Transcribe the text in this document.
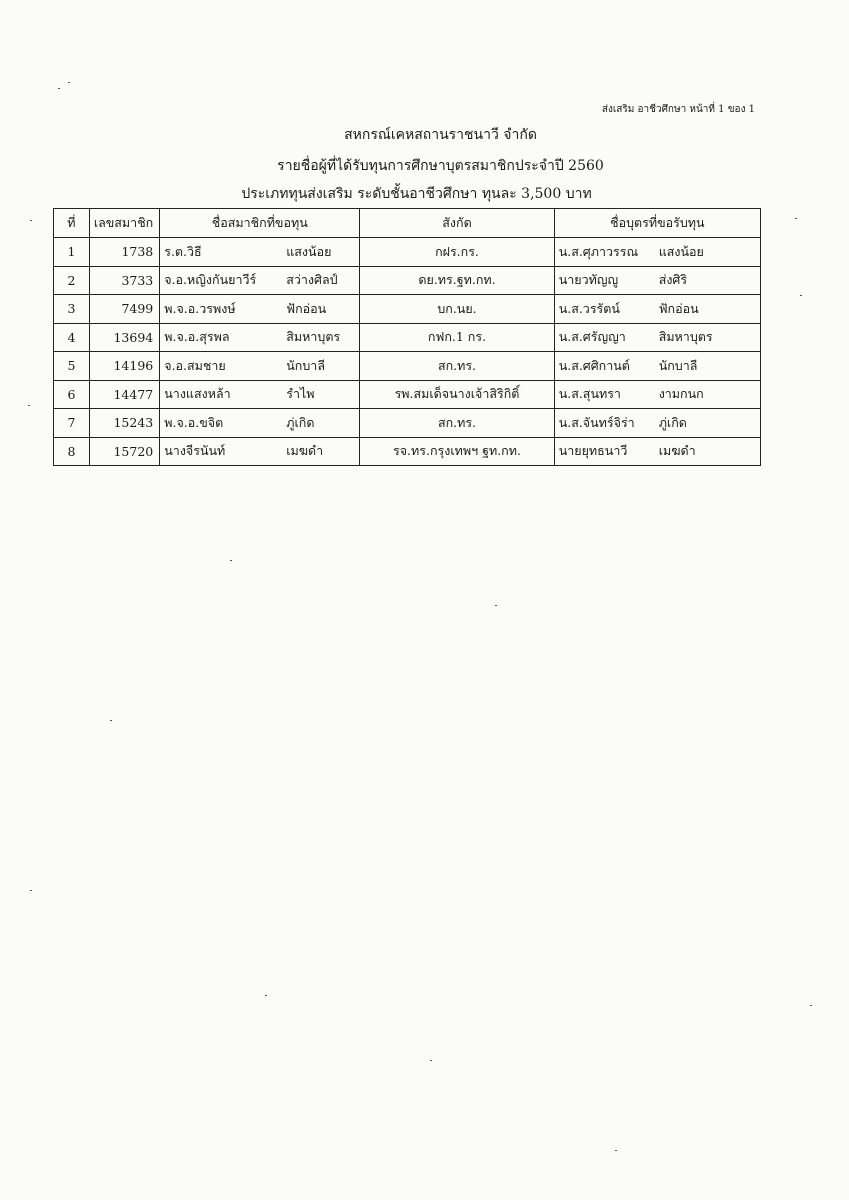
ส่งเสริม อาชีวศึกษา หน้าที่ 1 ของ 1
สหกรณ์เคหสถานราชนาวี จำกัด
รายชื่อผู้ที่ได้รับทุนการศึกษาบุตรสมาชิกประจำปี 2560
ประเภททุนส่งเสริม ระดับชั้นอาชีวศึกษา ทุนละ 3,500 บาท
ที่	เลขสมาชิก	ชื่อสมาชิกที่ขอทุน	สังกัด	ชื่อบุตรที่ขอรับทุน
1	1738	ร.ต.วิธี แสงน้อย	กฝร.กร.	น.ส.ศุภาวรรณ แสงน้อย
2	3733	จ.อ.หญิงกันยาวีร์ สว่างศิลป์	ดย.ทร.ฐท.กท.	นายวทัญญู ส่งศิริ
3	7499	พ.จ.อ.วรพงษ์ ฟักอ่อน	บก.นย.	น.ส.วรรัตน์ ฟักอ่อน
4	13694	พ.จ.อ.สุรพล สิมหาบุตร	กฟก.1 กร.	น.ส.ศรัญญา สิมหาบุตร
5	14196	จ.อ.สมชาย นักบาลี	สก.ทร.	น.ส.ศศิกานต์ นักบาลี
6	14477	นางแสงหล้า รำไพ	รพ.สมเด็จนางเจ้าสิริกิติ์	น.ส.สุนทรา งามกนก
7	15243	พ.จ.อ.ขจิต ภู่เกิด	สก.ทร.	น.ส.จันทร์จิร่า ภู่เกิด
8	15720	นางจีรนันท์ เมฆดำ	รจ.ทร.กรุงเทพฯ ฐท.กท.	นายยุทธนาวี เมฆดำ
